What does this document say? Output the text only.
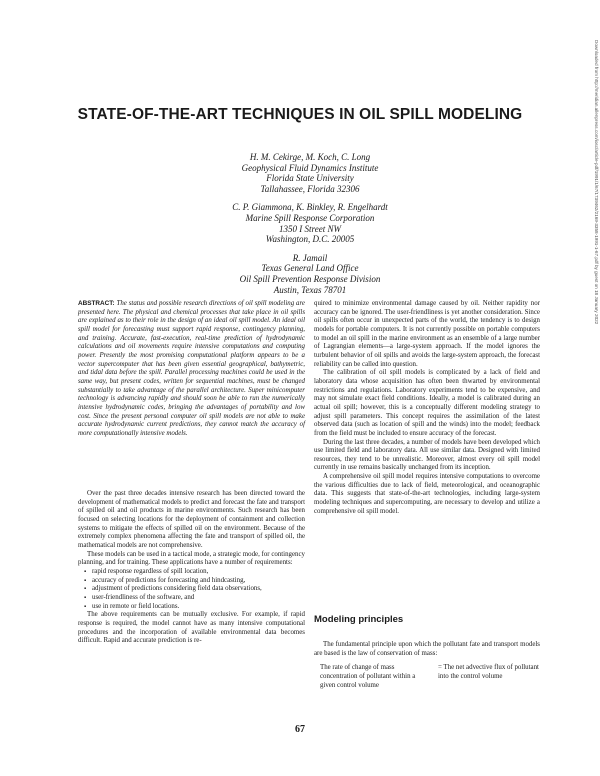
STATE-OF-THE-ART TECHNIQUES IN OIL SPILL MODELING
H. M. Cekirge, M. Koch, C. Long
Geophysical Fluid Dynamics Institute
Florida State University
Tallahassee, Florida 32306
C. P. Giammona, K. Binkley, R. Engelhardt
Marine Spill Response Corporation
1350 I Street NW
Washington, D.C. 20005
R. Jamail
Texas General Land Office
Oil Spill Prevention Response Division
Austin, Texas 78701

ABSTRACT: The status and possible research directions of oil spill modeling are presented here. The physical and chemical processes that take place in oil spills are explained as to their role in the design of an ideal oil spill model. An ideal oil spill model for forecasting must support rapid response, contingency planning, and training. Accurate, fast-execution, real-time prediction of hydrodynamic calculations and oil movements require intensive computations and computing power. Presently the most promising computational platform appears to be a vector supercomputer that has been given essential geographical, bathymetric, and tidal data before the spill. Parallel processing machines could be used in the same way, but present codes, written for sequential machines, must be changed substantially to take advantage of the parallel architecture. Super minicomputer technology is advancing rapidly and should soon be able to run the numerically intensive hydrodynamic codes, bringing the advantages of portability and low cost. Since the present personal computer oil spill models are not able to make accurate hydrodynamic current predictions, they cannot match the accuracy of more computationally intensive models.

Over the past three decades intensive research has been directed toward the development of mathematical models to predict and forecast the fate and transport of spilled oil and oil products in marine environments. Such research has been focused on selecting locations for the deployment of containment and collection systems to mitigate the effects of spilled oil on the environment. Because of the extremely complex phenomena affecting the fate and transport of spilled oil, the mathematical models are not comprehensive.

These models can be used in a tactical mode, a strategic mode, for contingency planning, and for training. These applications have a number of requirements:

▪ rapid response regardless of spill location,
▪ accuracy of predictions for forecasting and hindcasting,
▪ adjustment of predictions considering field data observations,
▪ user-friendliness of the software, and
▪ use in remote or field locations.

The above requirements can be mutually exclusive. For example, if rapid response is required, the model cannot have as many intensive computational procedures and the incorporation of available environmental data becomes difficult. Rapid and accurate prediction is re-

quired to minimize environmental damage caused by oil. Neither rapidity nor accuracy can be ignored. The user-friendliness is yet another consideration. Since oil spills often occur in unexpected parts of the world, the tendency is to design models for portable computers. It is not currently possible on portable computers to model an oil spill in the marine environment as an ensemble of a large number of Lagrangian elements—a large-system approach. If the model ignores the turbulent behavior of oil spills and avoids the large-system approach, the forecast reliability can be called into question.

The calibration of oil spill models is complicated by a lack of field and laboratory data whose acquisition has often been thwarted by environmental restrictions and regulations. Laboratory experiments tend to be expensive, and may not simulate exact field conditions. Ideally, a model is calibrated during an actual oil spill; however, this is a conceptually different modeling strategy to adjust spill parameters. This concept requires the assimilation of the latest observed data (such as location of spill and the winds) into the model; feedback from the field must be included to ensure accuracy of the forecast.

During the last three decades, a number of models have been developed which use limited field and laboratory data. All use similar data. Designed with limited resources, they tend to be unrealistic. Moreover, almost every oil spill model currently in use remains basically unchanged from its inception.

A comprehensive oil spill model requires intensive computations to overcome the various difficulties due to lack of field, meteorological, and oceanographic data. This suggests that state-of-the-art technologies, including large-system modeling techniques and supercomputing, are necessary to develop and utilize a comprehensive oil spill model.

Modeling principles

The fundamental principle upon which the pollutant fate and transport models are based is the law of conservation of mass:

The rate of change of mass concentration of pollutant within a given control volume
= The net advective flux of pollutant into the control volume
67
Downloaded from http://meridian.allenpress.com/iosc/article-pdf/1991/1/67/1739462/2169-3358-1991-1-67.pdf by guest on 18 January 2022
